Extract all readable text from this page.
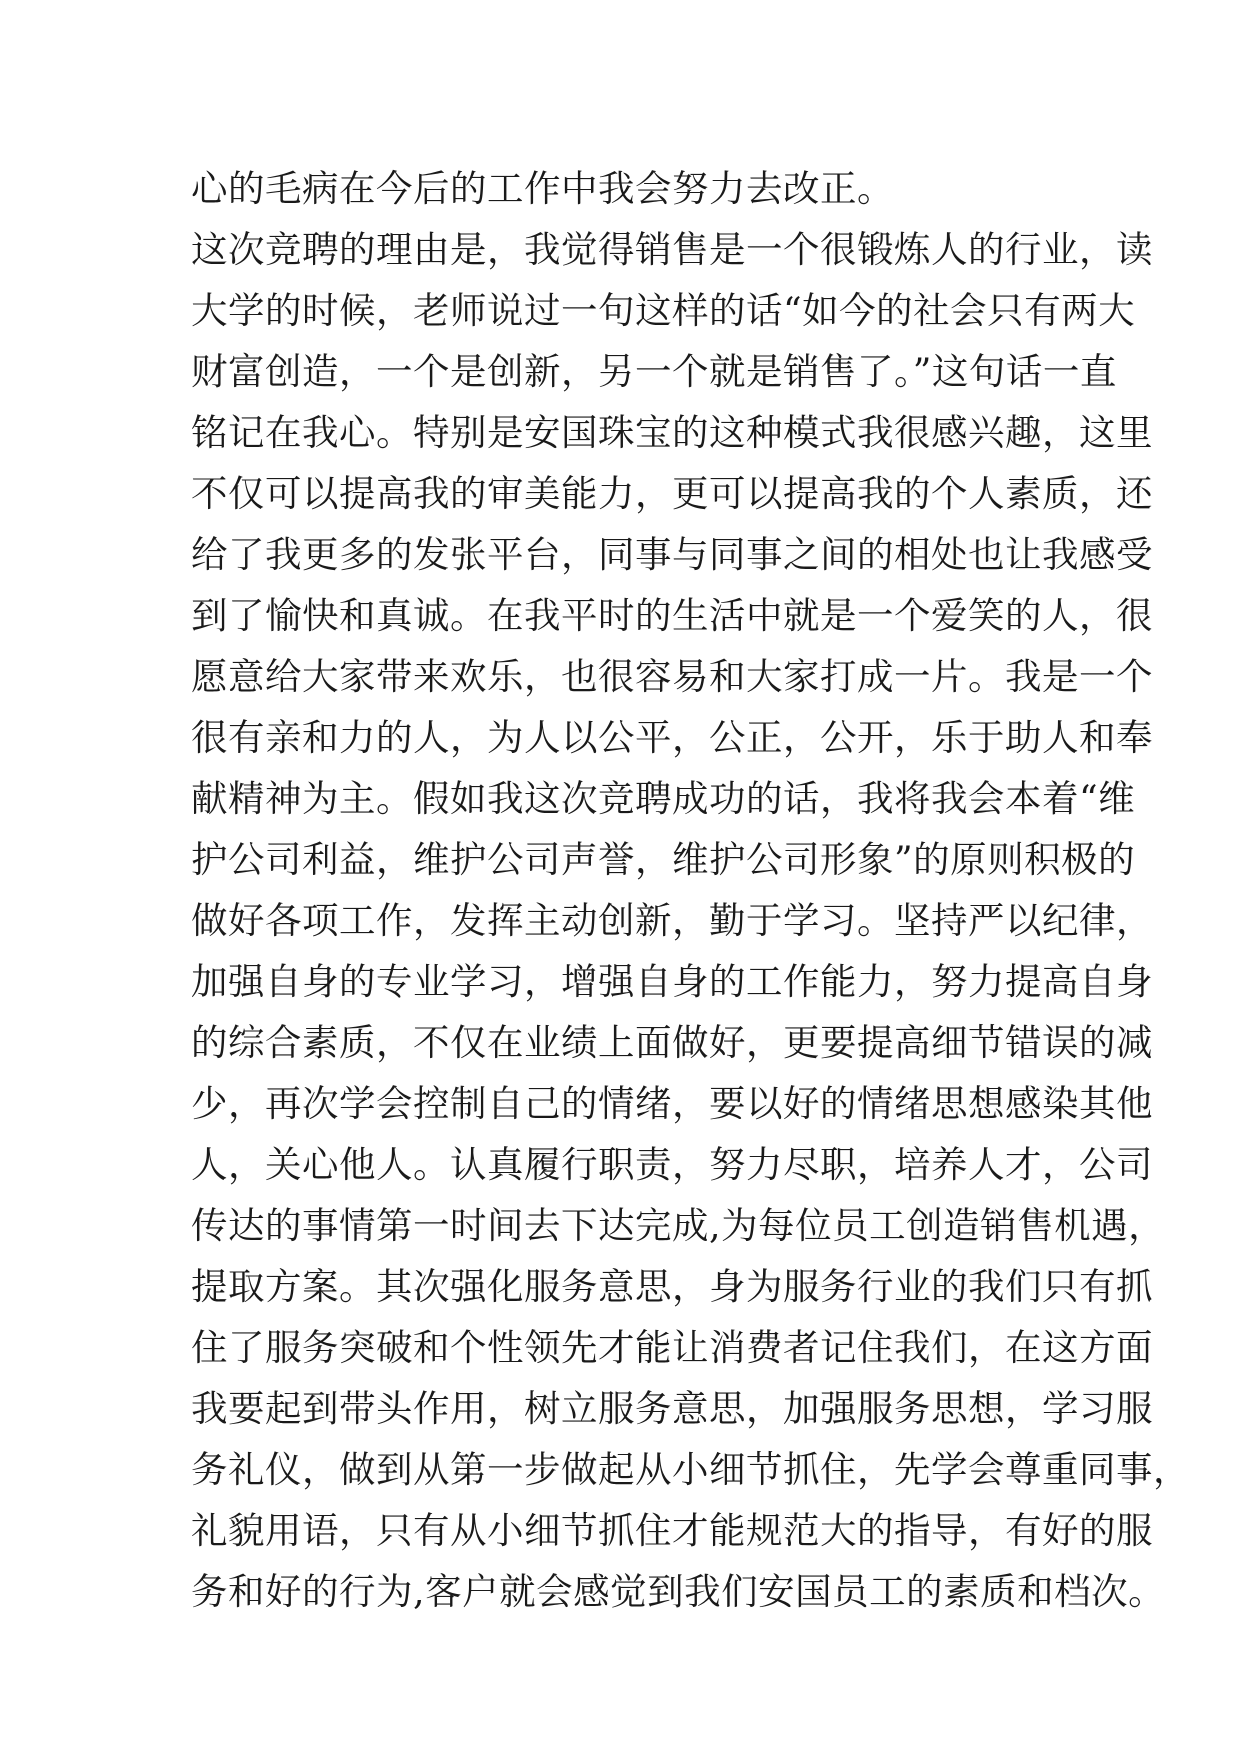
心的毛病在今后的工作中我会努力去改正。
这次竞聘的理由是，我觉得销售是一个很锻炼人的行业，读
大学的时候，老师说过一句这样的话“如今的社会只有两大
财富创造，一个是创新，另一个就是销售了。”这句话一直
铭记在我心。特别是安国珠宝的这种模式我很感兴趣，这里
不仅可以提高我的审美能力，更可以提高我的个人素质，还
给了我更多的发张平台，同事与同事之间的相处也让我感受
到了愉快和真诚。在我平时的生活中就是一个爱笑的人，很
愿意给大家带来欢乐，也很容易和大家打成一片。我是一个
很有亲和力的人，为人以公平，公正，公开，乐于助人和奉
献精神为主。假如我这次竞聘成功的话，我将我会本着“维
护公司利益，维护公司声誉，维护公司形象”的原则积极的
做好各项工作，发挥主动创新，勤于学习。坚持严以纪律，
加强自身的专业学习，增强自身的工作能力，努力提高自身
的综合素质，不仅在业绩上面做好，更要提高细节错误的减
少，再次学会控制自己的情绪，要以好的情绪思想感染其他
人，关心他人。认真履行职责，努力尽职，培养人才，公司
传达的事情第一时间去下达完成,为每位员工创造销售机遇，
提取方案。其次强化服务意思，身为服务行业的我们只有抓
住了服务突破和个性领先才能让消费者记住我们，在这方面
我要起到带头作用，树立服务意思，加强服务思想，学习服
务礼仪，做到从第一步做起从小细节抓住，先学会尊重同事，
礼貌用语，只有从小细节抓住才能规范大的指导，有好的服
务和好的行为,客户就会感觉到我们安国员工的素质和档次。
